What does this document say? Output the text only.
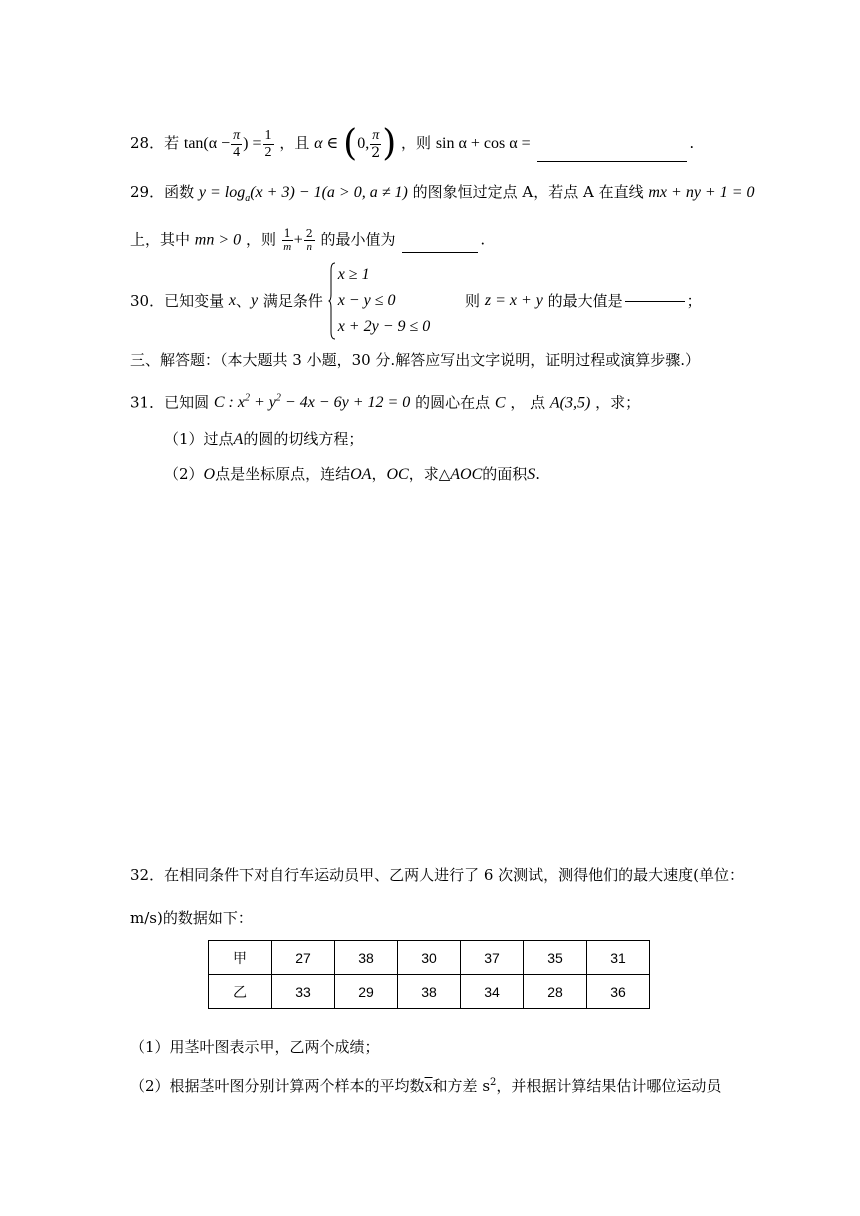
28．若 $\tan(\alpha - \frac{\pi}{4}$ ) = $\frac{1}{2}$ ，且 α ∈ (0, $\frac{\pi}{2}$ ) ，则 sin α + cos α =	.
29．函数 $y = \log_a(x + 3) - 1(a > 0$, a ≠ 1) 的图象恒过定点 A，若点 A 在直线 mx + ny + 1 = 0
上，其中 mn > 0 ，则 $\frac{1}{m} + \frac{2}{n}$ 的最小值为	.
30．已知变量 x、y 满足条件
x ≥ 1
x − y ≤ 0
x + 2y − 9 ≤ 0
则 z = x + y 的最大值是	；
三、解答题：（本大题共 3 小题，30 分.解答应写出文字说明，证明过程或演算步骤.）
31．已知圆 C : $x^2 + y^2 - 4x - 6y + 12 = 0$ 的圆心在点 C ， 点 A(3,5) ，求；
（1）过点A的圆的切线方程；
（2）O点是坐标原点，连结OA，OC，求△AOC的面积S.
32．在相同条件下对自行车运动员甲、乙两人进行了 6 次测试，测得他们的最大速度(单位：
m/s)的数据如下：
甲	27	38	30	37	35	31
乙	33	29	38	34	28	36
（1）用茎叶图表示甲，乙两个成绩；
（2）根据茎叶图分别计算两个样本的平均数$\overline{x}$和方差 $s^2$，并根据计算结果估计哪位运动员
